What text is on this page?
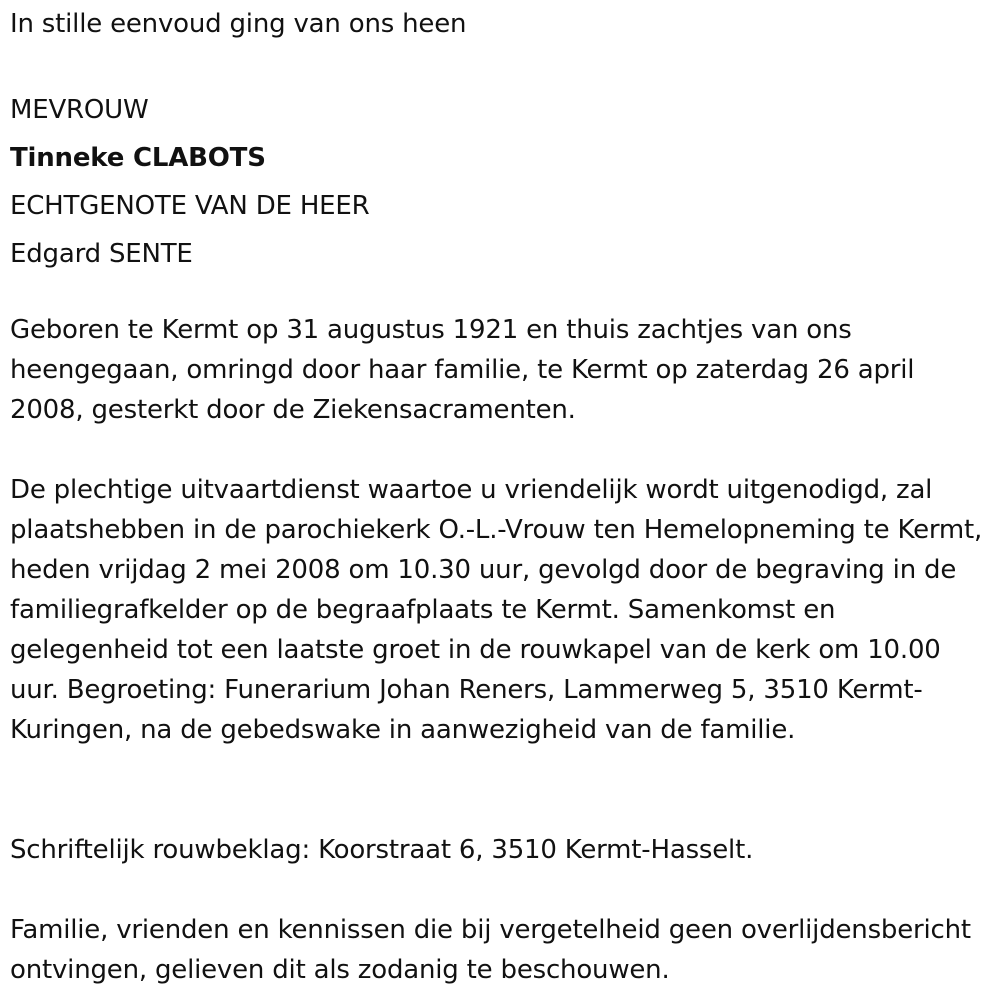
In stille eenvoud ging van ons heen
MEVROUW
Tinneke CLABOTS
ECHTGENOTE VAN DE HEER
Edgard SENTE

Geboren te Kermt op 31 augustus 1921 en thuis zachtjes van ons heengegaan, omringd door haar familie, te Kermt op zaterdag 26 april 2008, gesterkt door de Ziekensacramenten.

De plechtige uitvaartdienst waartoe u vriendelijk wordt uitgenodigd, zal plaatshebben in de parochiekerk O.-L.-Vrouw ten Hemelopneming te Kermt, heden vrijdag 2 mei 2008 om 10.30 uur, gevolgd door de begraving in de familiegrafkelder op de begraafplaats te Kermt. Samenkomst en gelegenheid tot een laatste groet in de rouwkapel van de kerk om 10.00 uur. Begroeting: Funerarium Johan Reners, Lammerweg 5, 3510 Kermt-Kuringen, na de gebedswake in aanwezigheid van de familie.

Schriftelijk rouwbeklag: Koorstraat 6, 3510 Kermt-Hasselt.

Familie, vrienden en kennissen die bij vergetelheid geen overlijdensbericht ontvingen, gelieven dit als zodanig te beschouwen.
